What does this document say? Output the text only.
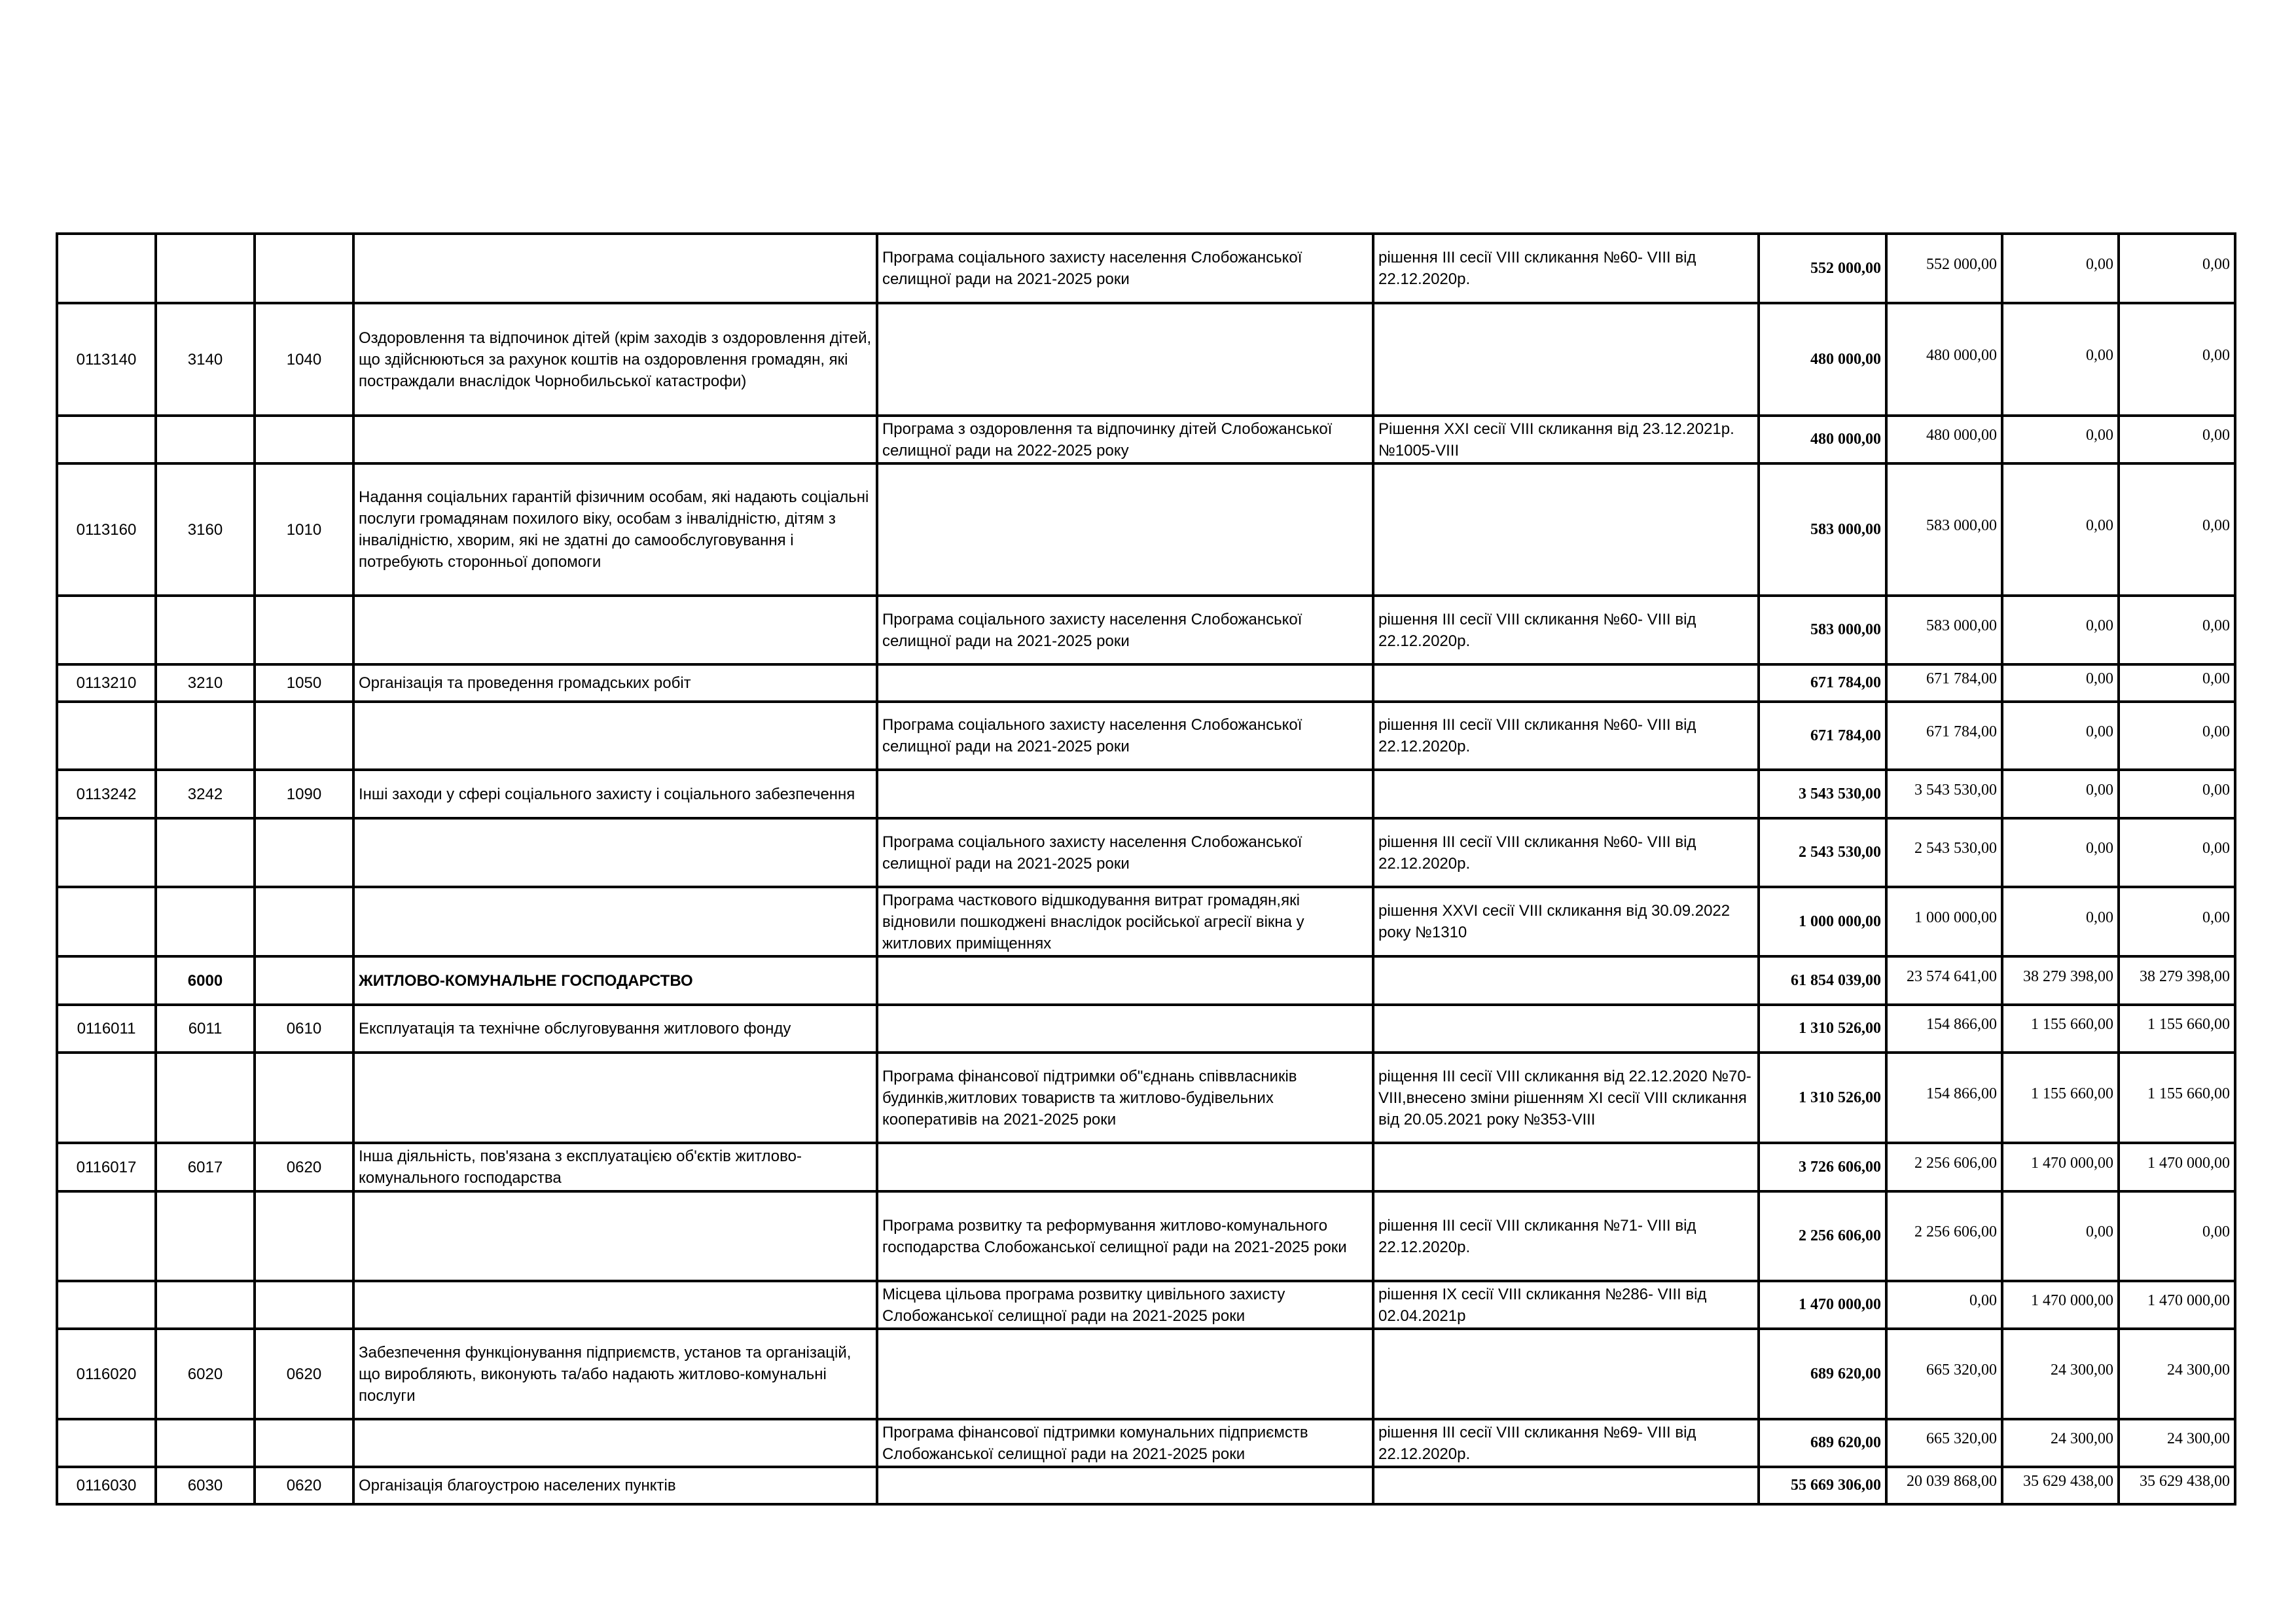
				Програма соціального захисту населення Слобожанської селищної ради на 2021-2025 роки	рішення ІІІ сесії VIII скликання №60- VIII від 22.12.2020р.	552 000,00	552 000,00	0,00	0,00
0113140	3140	1040	Оздоровлення та відпочинок дітей (крім заходів з оздоровлення дітей, що здійснюються за рахунок коштів на оздоровлення громадян, які постраждали внаслідок Чорнобильської катастрофи)			480 000,00	480 000,00	0,00	0,00
				Програма з оздоровлення та відпочинку дітей Слобожанської селищної ради на 2022-2025 року	Рішення XXI сесії VIII скликання від 23.12.2021р. №1005-VIII	480 000,00	480 000,00	0,00	0,00
0113160	3160	1010	Надання соціальних гарантій фізичним особам, які надають соціальні послуги громадянам похилого віку, особам з інвалідністю, дітям з інвалідністю, хворим, які не здатні до самообслуговування і потребують сторонньої допомоги			583 000,00	583 000,00	0,00	0,00
				Програма соціального захисту населення Слобожанської селищної ради на 2021-2025 роки	рішення ІІІ сесії VIII скликання №60- VIII від 22.12.2020р.	583 000,00	583 000,00	0,00	0,00
0113210	3210	1050	Організація та проведення громадських робіт			671 784,00	671 784,00	0,00	0,00
				Програма соціального захисту населення Слобожанської селищної ради на 2021-2025 роки	рішення ІІІ сесії VIII скликання №60- VIII від 22.12.2020р.	671 784,00	671 784,00	0,00	0,00
0113242	3242	1090	Інші заходи у сфері соціального захисту і соціального забезпечення			3 543 530,00	3 543 530,00	0,00	0,00
				Програма соціального захисту населення Слобожанської селищної ради на 2021-2025 роки	рішення ІІІ сесії VIII скликання №60- VIII від 22.12.2020р.	2 543 530,00	2 543 530,00	0,00	0,00
				Програма часткового відшкодування витрат громадян,які відновили пошкоджені внаслідок російської агресії вікна у житлових приміщеннях	рішення XXVI сесії VIII скликання від 30.09.2022 року №1310	1 000 000,00	1 000 000,00	0,00	0,00
	6000		ЖИТЛОВО-КОМУНАЛЬНЕ ГОСПОДАРСТВО			61 854 039,00	23 574 641,00	38 279 398,00	38 279 398,00
0116011	6011	0610	Експлуатація та технічне обслуговування житлового фонду			1 310 526,00	154 866,00	1 155 660,00	1 155 660,00
				Програма фінансової підтримки об"єднань співвласників будинків,житлових товариств та житлово-будівельних кооперативів на 2021-2025 роки	ріщення ІІІ сесії VIII скликання від 22.12.2020 №70-VIII,внесено зміни рішенням ХІ сесії VIII скликання від 20.05.2021 року №353-VIII	1 310 526,00	154 866,00	1 155 660,00	1 155 660,00
0116017	6017	0620	Інша діяльність, пов'язана з експлуатацією об'єктів житлово-комунального господарства			3 726 606,00	2 256 606,00	1 470 000,00	1 470 000,00
				Програма розвитку та реформування житлово-комунального господарства Слобожанської селищної ради на 2021-2025 роки	рішення ІІІ сесії VIII скликання №71- VIII від 22.12.2020р.	2 256 606,00	2 256 606,00	0,00	0,00
				Місцева цільова програма розвитку цивільного захисту Слобожанської селищної ради на 2021-2025 роки	рішення IX сесії VIII скликання №286- VIII від 02.04.2021р	1 470 000,00	0,00	1 470 000,00	1 470 000,00
0116020	6020	0620	Забезпечення функціонування підприємств, установ та організацій, що виробляють, виконують та/або надають житлово-комунальні послуги			689 620,00	665 320,00	24 300,00	24 300,00
				Програма фінансової підтримки комунальних підприємств Слобожанської селищної ради на 2021-2025 роки	рішення ІІІ сесії VIII скликання №69- VIII від 22.12.2020р.	689 620,00	665 320,00	24 300,00	24 300,00
0116030	6030	0620	Організація благоустрою населених пунктів			55 669 306,00	20 039 868,00	35 629 438,00	35 629 438,00
